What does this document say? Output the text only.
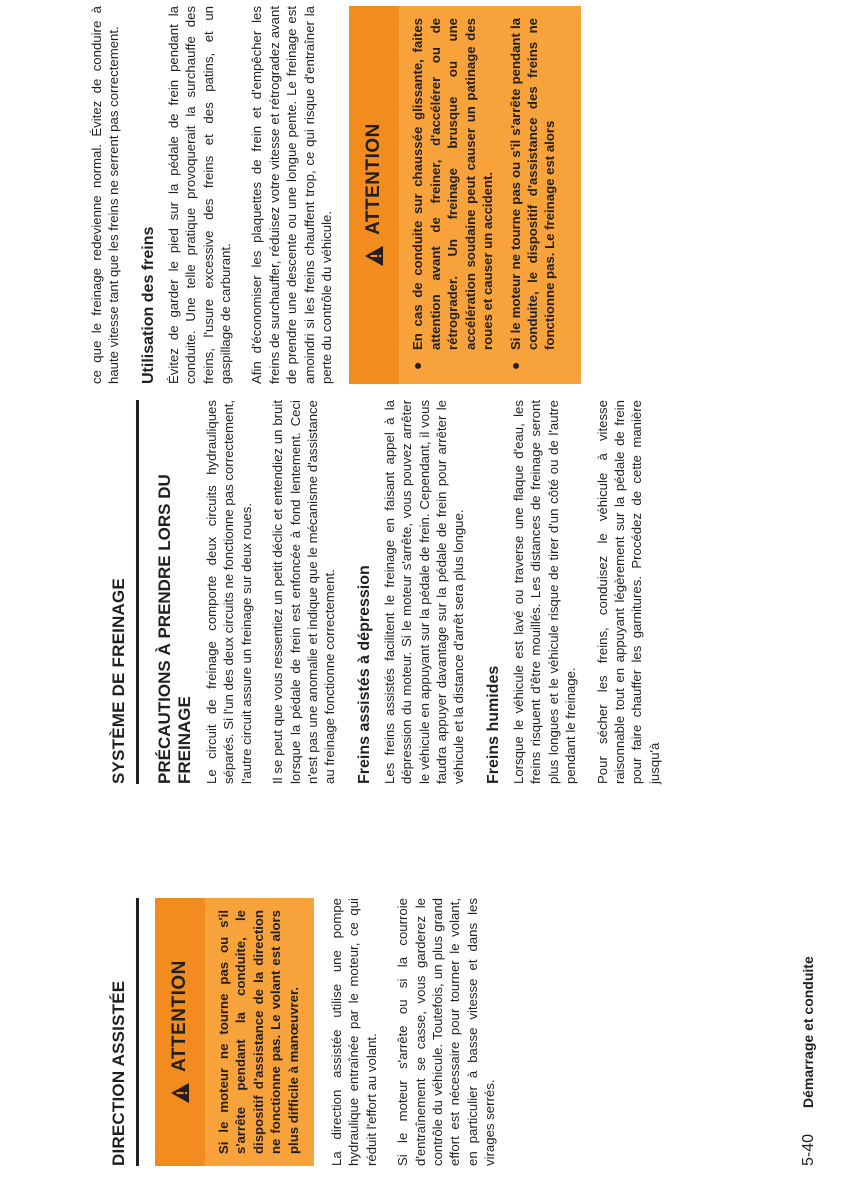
DIRECTION ASSISTÉE	ATTENTION	Si le moteur ne tourne pas ou s'il s'arrête pendant la conduite, le dispositif d'assistance de la direction ne fonctionne pas. Le volant est alors plus difficile à manœuvrer.	La direction assistée utilise une pompe hydraulique entraînée par le moteur, ce qui réduit l'effort au volant. Si le moteur s'arrête ou si la courroie d'entraînement se casse, vous garderez le contrôle du véhicule. Toutefois, un plus grand effort est nécessaire pour tourner le volant, en particulier à basse vitesse et dans les virages serrés.

SYSTÈME DE FREINAGE	PRÉCAUTIONS À PRENDRE LORS DU FREINAGE Le circuit de freinage comporte deux circuits hydrauliques séparés. Si l'un des deux circuits ne fonctionne pas correctement, l'autre circuit assure un freinage sur deux roues. Il se peut que vous ressentiez un petit déclic et entendiez un bruit lorsque la pédale de frein est enfoncée à fond lentement. Ceci n'est pas une anomalie et indique que le mécanisme d'assistance au freinage fonctionne correctement. Freins assistés à dépression Les freins assistés facilitent le freinage en faisant appel à la dépression du moteur. Si le moteur s'arrête, vous pouvez arrêter le véhicule en appuyant sur la pédale de frein. Cependant, il vous faudra appuyer davantage sur la pédale de frein pour arrêter le véhicule et la distance d'arrêt sera plus longue. Freins humides Lorsque le véhicule est lavé ou traverse une flaque d'eau, les freins risquent d'être mouillés. Les distances de freinage seront plus longues et le véhicule risque de tirer d'un côté ou de l'autre pendant le freinage. Pour sécher les freins, conduisez le véhicule à vitesse raisonnable tout en appuyant légèrement sur la pédale de frein pour faire chauffer les garnitures. Procédez de cette manière jusqu'à

ce que le freinage redevienne normal. Évitez de conduire à haute vitesse tant que les freins ne serrent pas correctement. Utilisation des freins Évitez de garder le pied sur la pédale de frein pendant la conduite. Une telle pratique provoquerait la surchauffe des freins, l'usure excessive des freins et des patins, et un gaspillage de carburant. Afin d'économiser les plaquettes de frein et d'empêcher les freins de surchauffer, réduisez votre vitesse et rétrogradez avant de prendre une descente ou une longue pente. Le freinage est amoindri si les freins chauffent trop, ce qui risque d'entraîner la perte du contrôle du véhicule.

ATTENTION
●
En cas de conduite sur chaussée glissante, faites attention avant de freiner, d'accélérer ou de rétrograder. Un freinage brusque ou une accélération soudaine peut causer un patinage des roues et causer un accident.
●
Si le moteur ne tourne pas ou s'il s'arrête pendant la conduite, le dispositif d'assistance des freins ne fonctionne pas. Le freinage est alors
5-40
Démarrage et conduite
